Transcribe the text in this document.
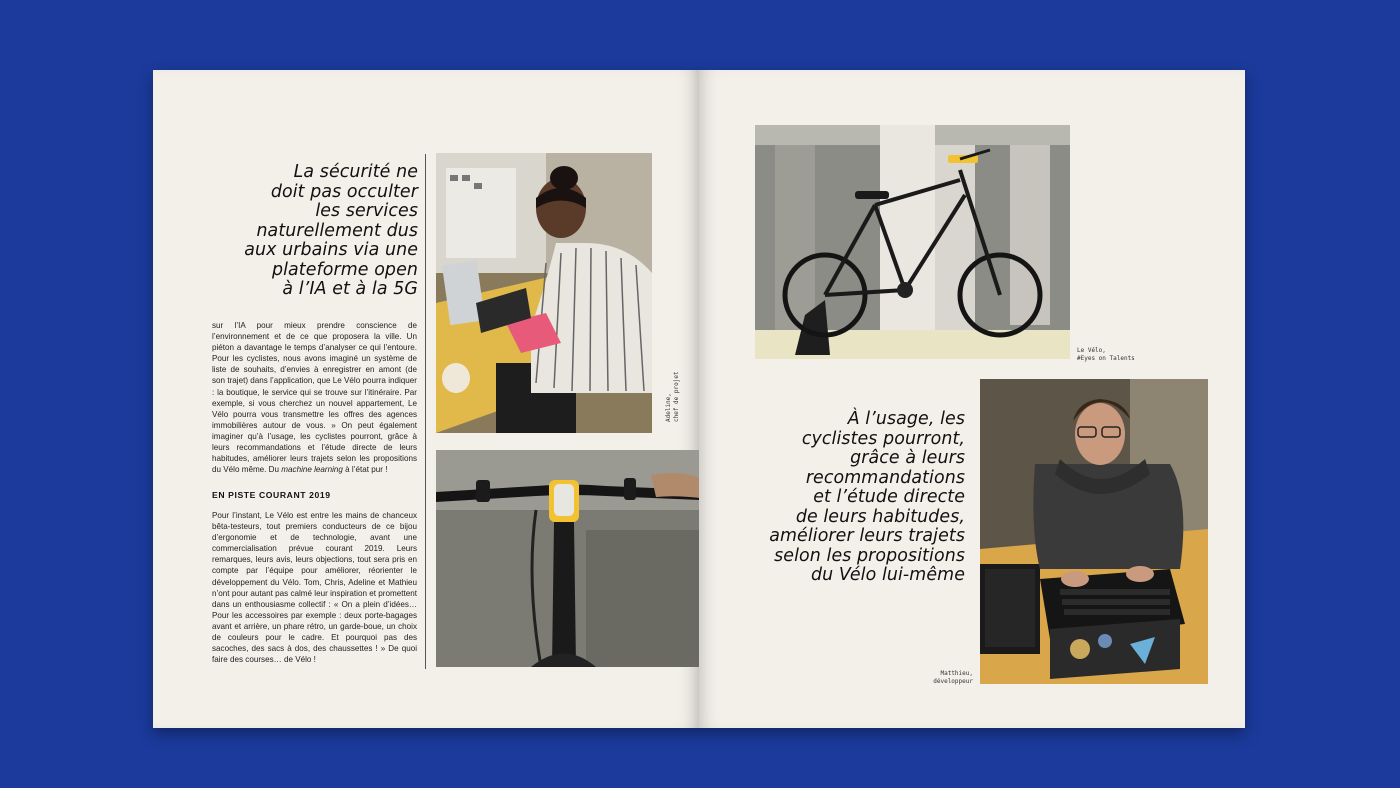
La sécurité ne
doit pas occulter
les services
naturellement dus
aux urbains via une
plateforme open
à l’IA et à la 5G
sur l’IA pour mieux prendre conscience de l’environnement et de ce que proposera la ville. Un piéton a davantage le temps d’analyser ce qui l’entoure. Pour les cyclistes, nous avons imaginé un système de liste de souhaits, d’envies à enregistrer en amont (de son trajet) dans l’application, que Le Vélo pourra indiquer : la boutique, le service qui se trouve sur l’itinéraire. Par exemple, si vous cherchez un nouvel appartement, Le Vélo pourra vous transmettre les offres des agences immobilières autour de vous. » On peut également imaginer qu’à l’usage, les cyclistes pourront, grâce à leurs recommandations et l’étude directe de leurs habitudes, améliorer leurs trajets selon les propositions du Vélo même. Du machine learning à l’état pur !
EN PISTE COURANT 2019
Pour l’instant, Le Vélo est entre les mains de chanceux bêta-testeurs, tout premiers conducteurs de ce bijou d’ergonomie et de technologie, avant une commercialisation prévue courant 2019. Leurs remarques, leurs avis, leurs objections, tout sera pris en compte par l’équipe pour améliorer, réorienter le développement du Vélo. Tom, Chris, Adeline et Mathieu n’ont pour autant pas calmé leur inspiration et promettent dans un enthousiasme collectif : « On a plein d’idées… Pour les accessoires par exemple : deux porte-bagages avant et arrière, un phare rétro, un garde-boue, un choix de couleurs pour le cadre. Et pourquoi pas des sacoches, des sacs à dos, des chaussettes ! » De quoi faire des courses… de Vélo !
Adeline, chef de projet
Le Vélo,
#Eyes on Talents
À l’usage, les
cyclistes pourront,
grâce à leurs
recommandations
et l’étude directe
de leurs habitudes,
améliorer leurs trajets
selon les propositions
du Vélo lui-même
Matthieu,
développeur
